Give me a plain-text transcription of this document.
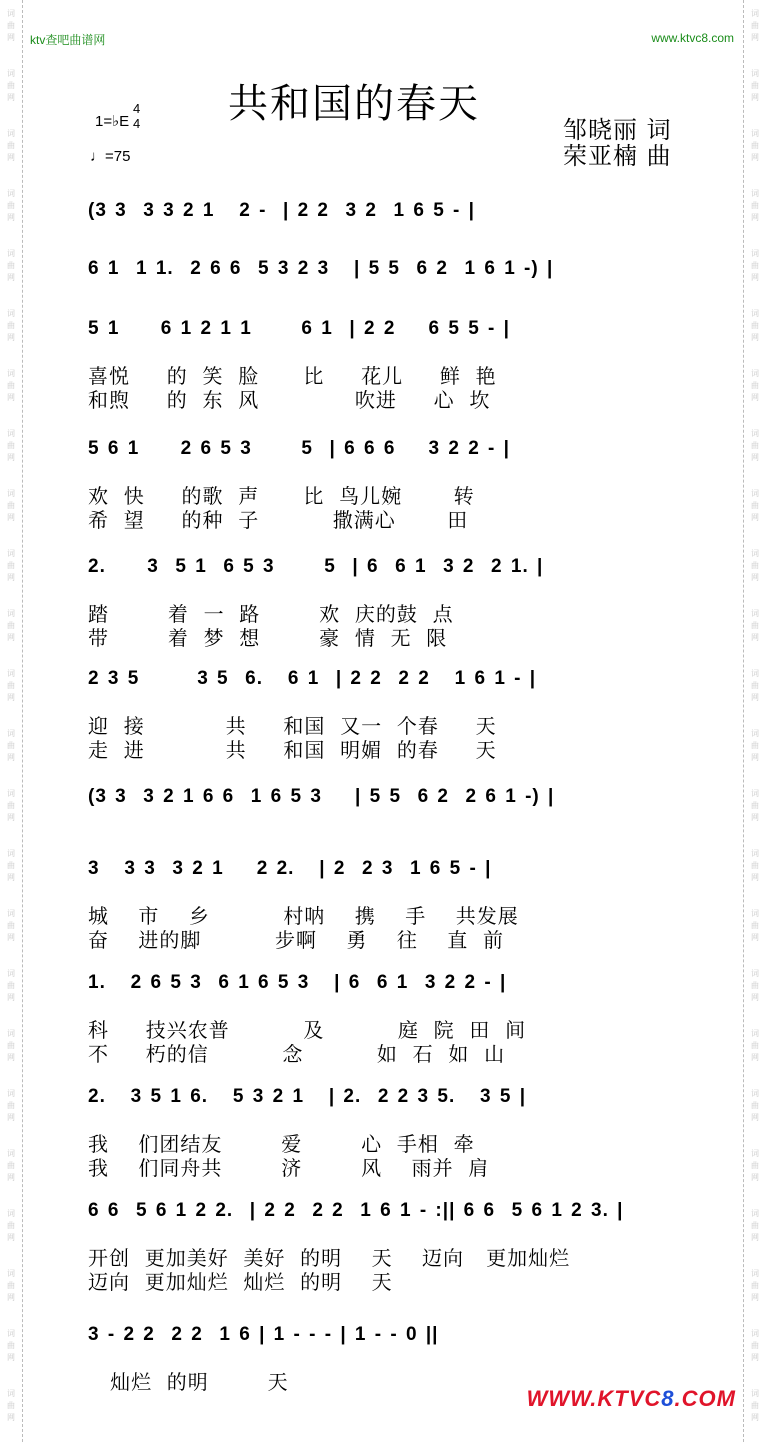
词
曲
网
词
曲
网
词
曲
网
词
曲
网
词
曲
网
词
曲
网
词
曲
网
词
曲
网
词
曲
网
词
曲
网
词
曲
网
词
曲
网
词
曲
网
词
曲
网
词
曲
网
词
曲
网
词
曲
网
词
曲
网
词
曲
网
词
曲
网
词
曲
网
词
曲
网
词
曲
网
词
曲
网
词
曲
网
词
曲
网
词
曲
网
词
曲
网
词
曲
网
词
曲
网
词
曲
网
词
曲
网
词
曲
网
词
曲
网
词
曲
网
词
曲
网
词
曲
网
词
曲
网
词
曲
网
词
曲
网
词
曲
网
词
曲
网
词
曲
网
词
曲
网
词
曲
网
词
曲
网
词
曲
网
词
曲
网
ktv查吧曲谱网	www.ktvc8.com
共和国的春天
1=♭E
4
4
♩=75
邹晓丽 词
荣亚楠 曲
(3 3  3 3 2 1   2 -  | 2 2  3 2  1 6 5 - |
6 1  1 1.  2 6 6  5 3 2 3   | 5 5  6 2  1 6 1 -) |
5 1     6 1 2 1 1      6 1  | 2 2    6 5 5 - |
喜悦     的  笑  脸      比     花儿     鲜  艳
和煦     的  东  风             吹进     心  坎
5 6 1     2 6 5 3      5  | 6 6 6    3 2 2 - |
欢  快     的歌  声      比  鸟儿婉       转
希  望     的种  子          撒满心       田
2.     3  5 1  6 5 3      5  | 6  6 1  3 2  2 1. |
踏        着  一  路        欢  庆的鼓  点
带        着  梦  想        豪  情  无  限
2 3 5       3 5  6.   6 1  | 2 2  2 2   1 6 1 - |
迎  接           共     和国  又一  个春     天
走  进           共     和国  明媚  的春     天
(3 3  3 2 1 6 6  1 6 5 3    | 5 5  6 2  2 6 1 -) |
3   3 3  3 2 1    2 2.   | 2  2 3  1 6 5 - |
城    市    乡          村呐    携    手    共发展
奋    进的脚          步啊    勇    往    直  前
1.   2 6 5 3  6 1 6 5 3   | 6  6 1  3 2 2 - |
科     技兴农普          及          庭  院  田  间
不     朽的信          念          如  石  如  山
2.   3 5 1 6.   5 3 2 1   | 2.  2 2 3 5.   3 5 |
我    们团结友        爱        心  手相  牵
我    们同舟共        济        风    雨并  肩
6 6  5 6 1 2 2.  | 2 2  2 2  1 6 1 - :|| 6 6  5 6 1 2 3. |
开创  更加美好  美好  的明    天    迈向   更加灿烂
迈向  更加灿烂  灿烂  的明    天
3 - 2 2  2 2  1 6 | 1 - - - | 1 - - 0 ||
灿烂  的明        天
WWW.KTVC8.COM
